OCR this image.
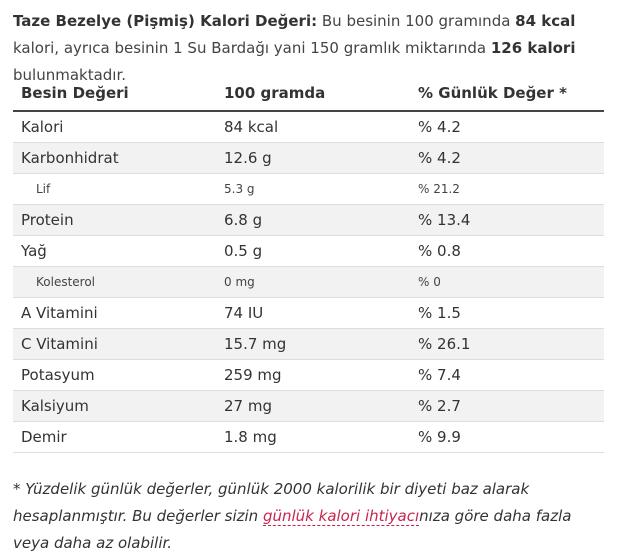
Taze Bezelye (Pişmiş) Kalori Değeri: Bu besinin 100 gramında 84 kcal kalori, ayrıca besinin 1 Su Bardağı yani 150 gramlık miktarında 126 kalori bulunmaktadır.

Besin Değeri	100 gramda	% Günlük Değer *
Kalori	84 kcal	% 4.2
Karbonhidrat	12.6 g	% 4.2
Lif	5.3 g	% 21.2
Protein	6.8 g	% 13.4
Yağ	0.5 g	% 0.8
Kolesterol	0 mg	% 0
A Vitamini	74 IU	% 1.5
C Vitamini	15.7 mg	% 26.1
Potasyum	259 mg	% 7.4
Kalsiyum	27 mg	% 2.7
Demir	1.8 mg	% 9.9

* Yüzdelik günlük değerler, günlük 2000 kalorilik bir diyeti baz alarak hesaplanmıştır. Bu değerler sizin günlük kalori ihtiyacınıza göre daha fazla veya daha az olabilir.
